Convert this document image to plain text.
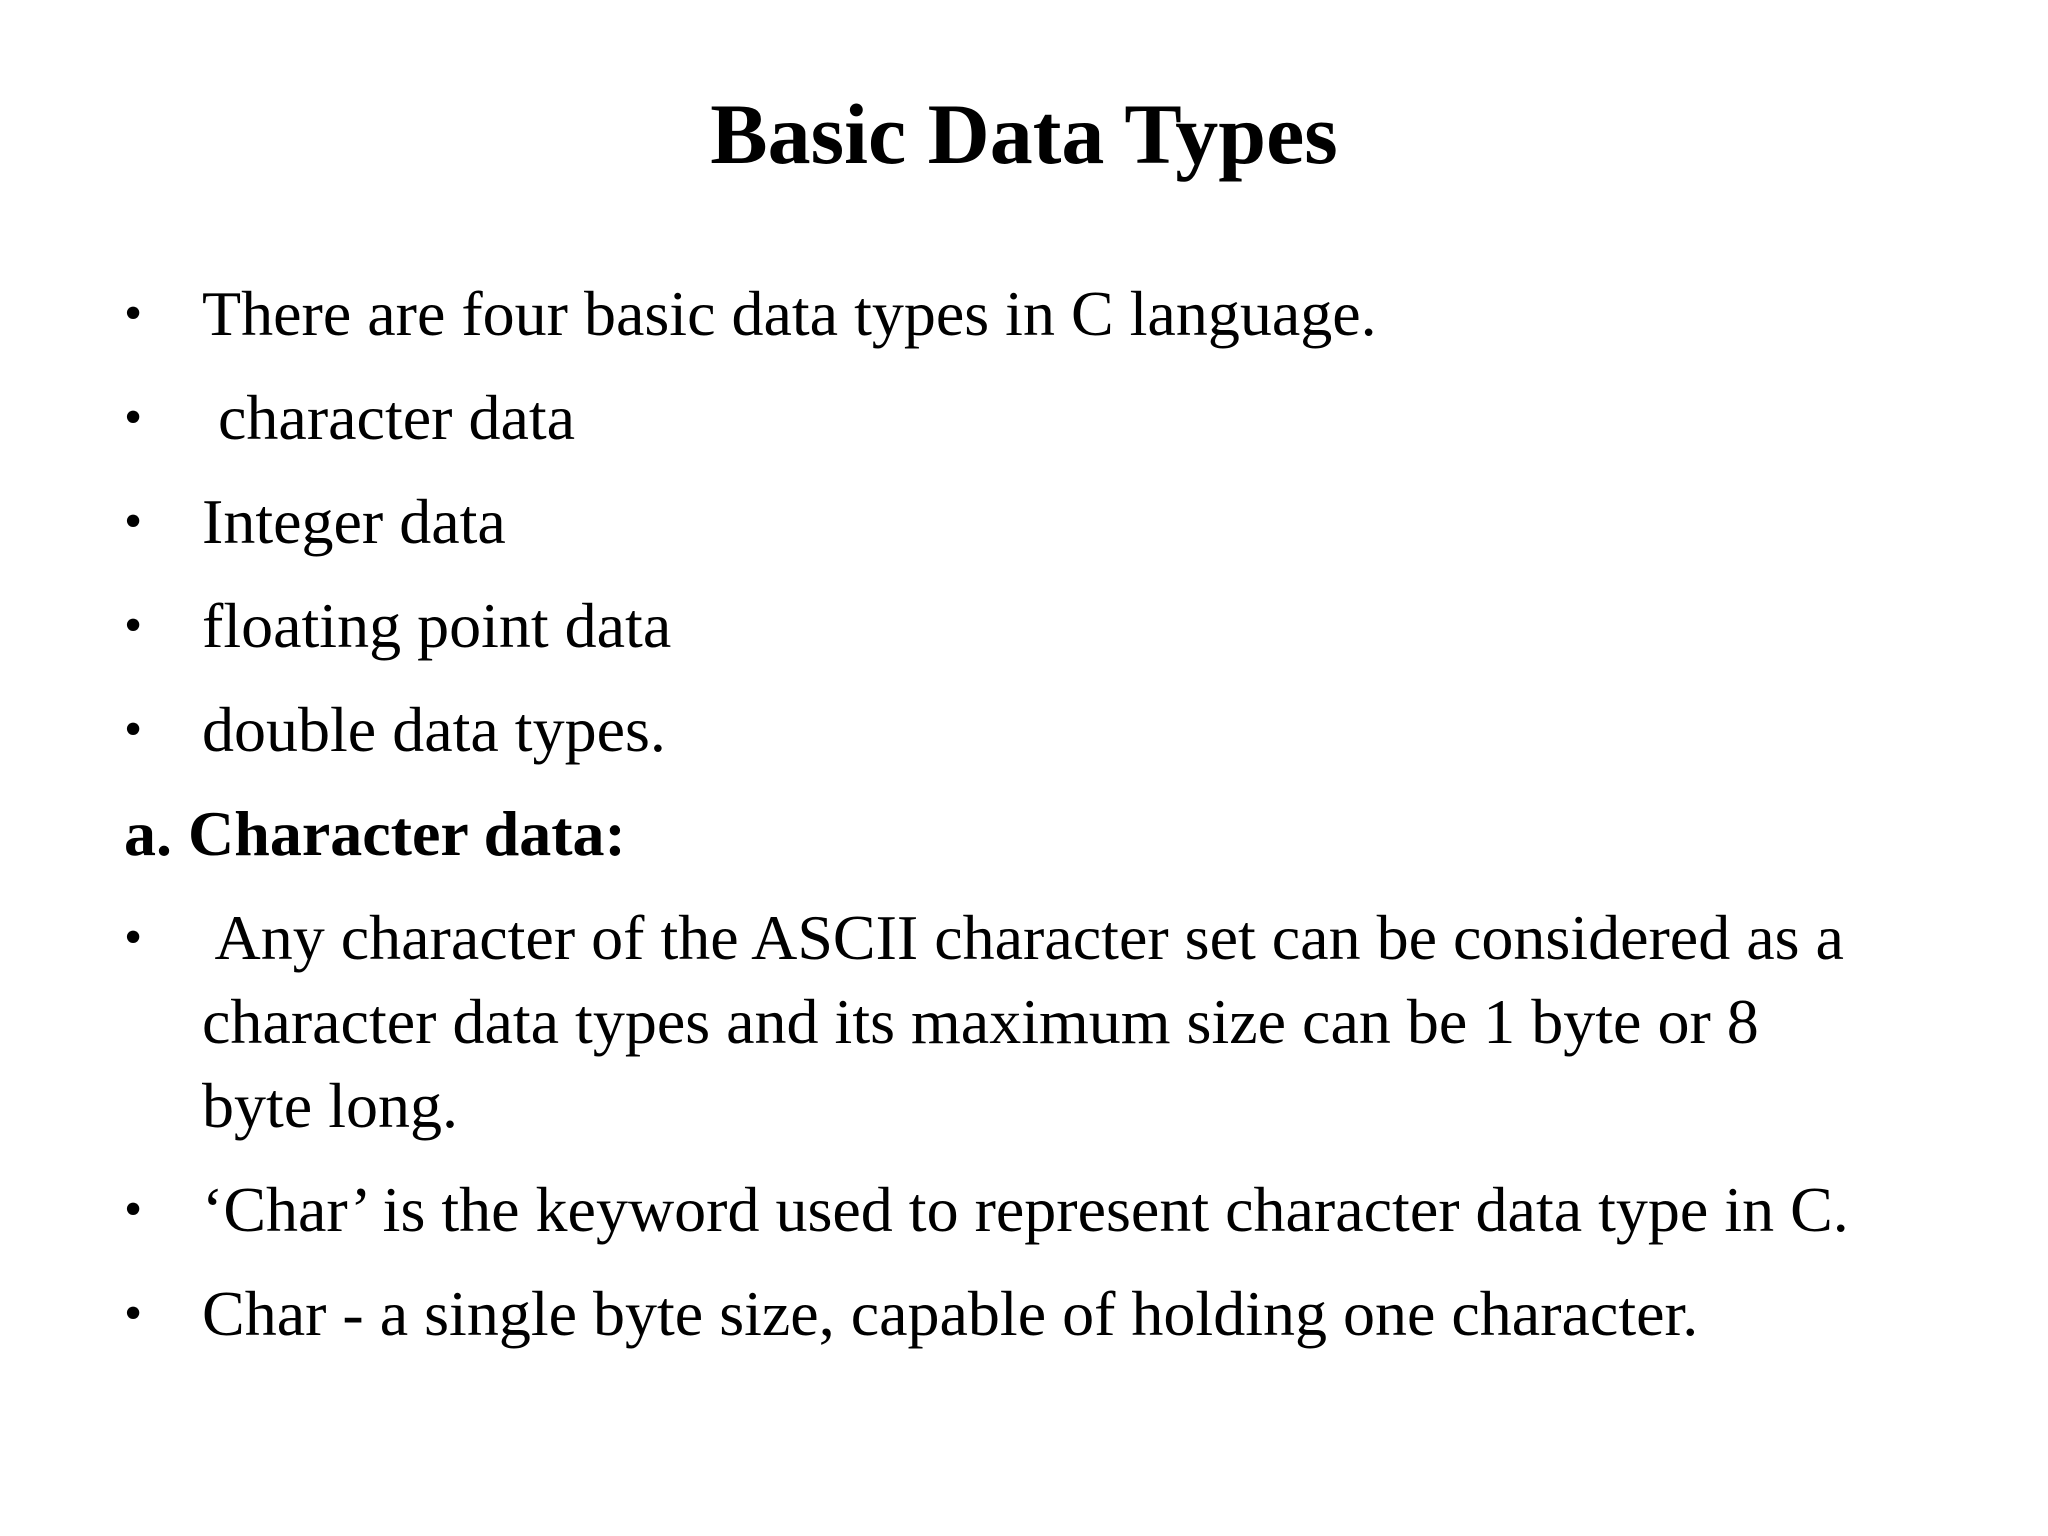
Basic Data Types
• There are four basic data types in C language.
• character data
• Integer data
• floating point data
• double data types.
a. Character data:
• Any character of the ASCII character set can be considered as a
character data types and its maximum size can be 1 byte or 8
byte long.
• ‘Char’ is the keyword used to represent character data type in C.
• Char - a single byte size, capable of holding one character.
